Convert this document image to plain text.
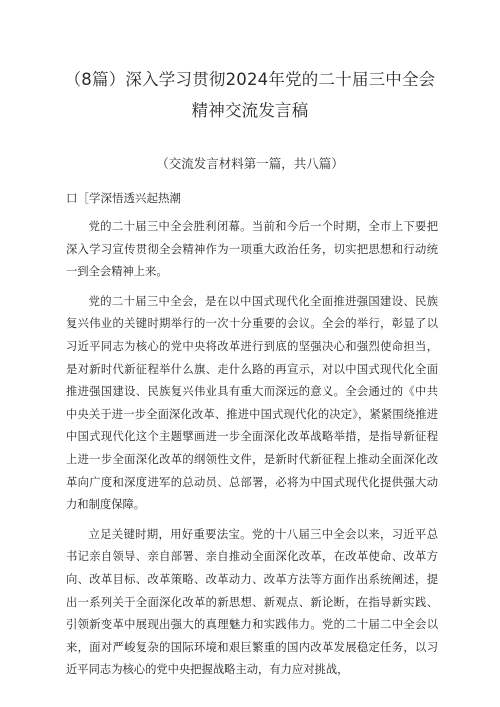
（8篇）深入学习贯彻2024年党的二十届三中全会精神交流发言稿
（交流发言材料第一篇，共八篇）
口［学深悟透兴起热潮

党的二十届三中全会胜利闭幕。当前和今后一个时期，全市上下要把深入学习宣传贯彻全会精神作为一项重大政治任务，切实把思想和行动统一到全会精神上来。

党的二十届三中全会，是在以中国式现代化全面推进强国建设、民族复兴伟业的关键时期举行的一次十分重要的会议。全会的举行，彰显了以习近平同志为核心的党中央将改革进行到底的坚强决心和强烈使命担当，是对新时代新征程举什么旗、走什么路的再宣示，对以中国式现代化全面推进强国建设、民族复兴伟业具有重大而深远的意义。全会通过的《中共中央关于进一步全面深化改革、推进中国式现代化的决定》，紧紧围绕推进中国式现代化这个主题擘画进一步全面深化改革战略举措，是指导新征程上进一步全面深化改革的纲领性文件，是新时代新征程上推动全面深化改革向广度和深度进军的总动员、总部署，必将为中国式现代化提供强大动力和制度保障。

立足关键时期，用好重要法宝。党的十八届三中全会以来，习近平总书记亲自领导、亲自部署、亲自推动全面深化改革，在改革使命、改革方向、改革目标、改革策略、改革动力、改革方法等方面作出系统阐述，提出一系列关于全面深化改革的新思想、新观点、新论断，在指导新实践、引领新变革中展现出强大的真理魅力和实践伟力。党的二十届二中全会以来，面对严峻复杂的国际环境和艰巨繁重的国内改革发展稳定任务，以习近平同志为核心的党中央把握战略主动，有力应对挑战，
